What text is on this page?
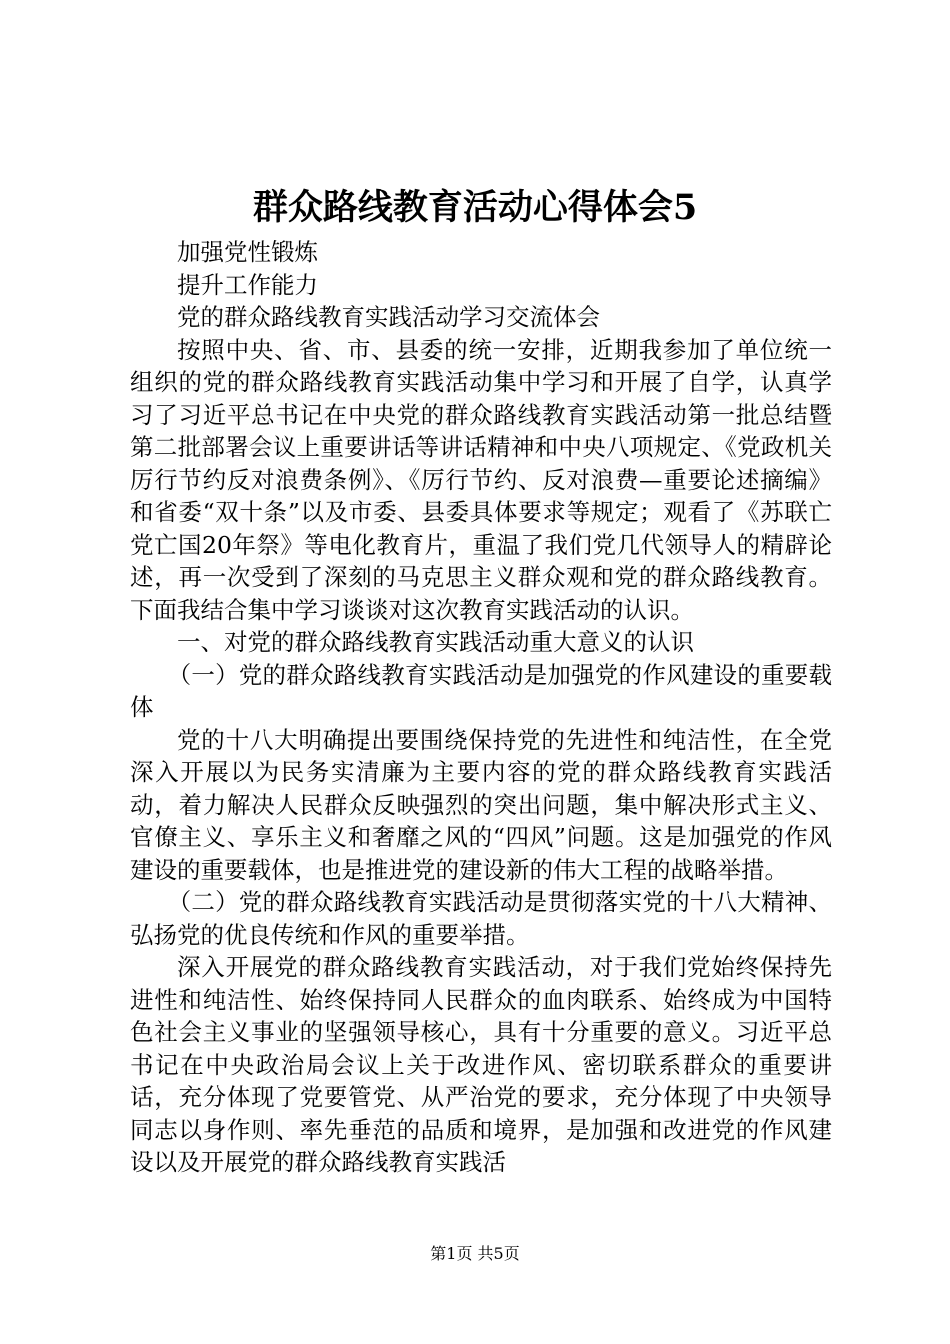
群众路线教育活动心得体会5

加强党性锻炼

提升工作能力

党的群众路线教育实践活动学习交流体会

按照中央、省、市、县委的统一安排，近期我参加了单位统一组织的党的群众路线教育实践活动集中学习和开展了自学，认真学习了习近平总书记在中央党的群众路线教育实践活动第一批总结暨第二批部署会议上重要讲话等讲话精神和中央八项规定、《党政机关厉行节约反对浪费条例》、《厉行节约、反对浪费—重要论述摘编》和省委“双十条”以及市委、县委具体要求等规定；观看了《苏联亡党亡国20年祭》等电化教育片，重温了我们党几代领导人的精辟论述，再一次受到了深刻的马克思主义群众观和党的群众路线教育。下面我结合集中学习谈谈对这次教育实践活动的认识。

一、对党的群众路线教育实践活动重大意义的认识

（一）党的群众路线教育实践活动是加强党的作风建设的重要载体

党的十八大明确提出要围绕保持党的先进性和纯洁性，在全党深入开展以为民务实清廉为主要内容的党的群众路线教育实践活动，着力解决人民群众反映强烈的突出问题，集中解决形式主义、官僚主义、享乐主义和奢靡之风的“四风”问题。这是加强党的作风建设的重要载体，也是推进党的建设新的伟大工程的战略举措。

（二）党的群众路线教育实践活动是贯彻落实党的十八大精神、弘扬党的优良传统和作风的重要举措。

深入开展党的群众路线教育实践活动，对于我们党始终保持先进性和纯洁性、始终保持同人民群众的血肉联系、始终成为中国特色社会主义事业的坚强领导核心，具有十分重要的意义。习近平总书记在中央政治局会议上关于改进作风、密切联系群众的重要讲话，充分体现了党要管党、从严治党的要求，充分体现了中央领导同志以身作则、率先垂范的品质和境界，是加强和改进党的作风建设以及开展党的群众路线教育实践活

第1页 共5页
